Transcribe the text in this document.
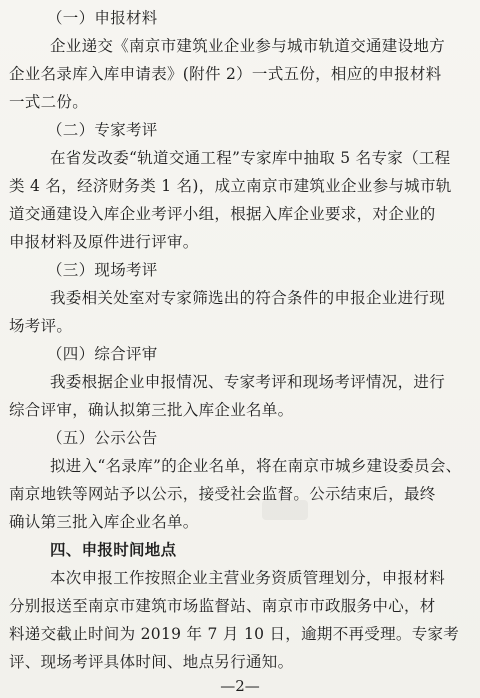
（一）申报材料
企业递交《南京市建筑业企业参与城市轨道交通建设地方
企业名录库入库申请表》(附件 2）一式五份，相应的申报材料
一式二份。
（二）专家考评
在省发改委“轨道交通工程”专家库中抽取 5 名专家（工程
类 4 名，经济财务类 1 名)，成立南京市建筑业企业参与城市轨
道交通建设入库企业考评小组，根据入库企业要求，对企业的
申报材料及原件进行评审。
（三）现场考评
我委相关处室对专家筛选出的符合条件的申报企业进行现
场考评。
（四）综合评审
我委根据企业申报情况、专家考评和现场考评情况，进行
综合评审，确认拟第三批入库企业名单。
（五）公示公告
拟进入“名录库”的企业名单，将在南京市城乡建设委员会、
南京地铁等网站予以公示，接受社会监督。公示结束后，最终
确认第三批入库企业名单。
四、申报时间地点
本次申报工作按照企业主营业务资质管理划分，申报材料
分别报送至南京市建筑市场监督站、南京市市政服务中心，材
料递交截止时间为 2019 年 7 月 10 日，逾期不再受理。专家考
评、现场考评具体时间、地点另行通知。
—2—
